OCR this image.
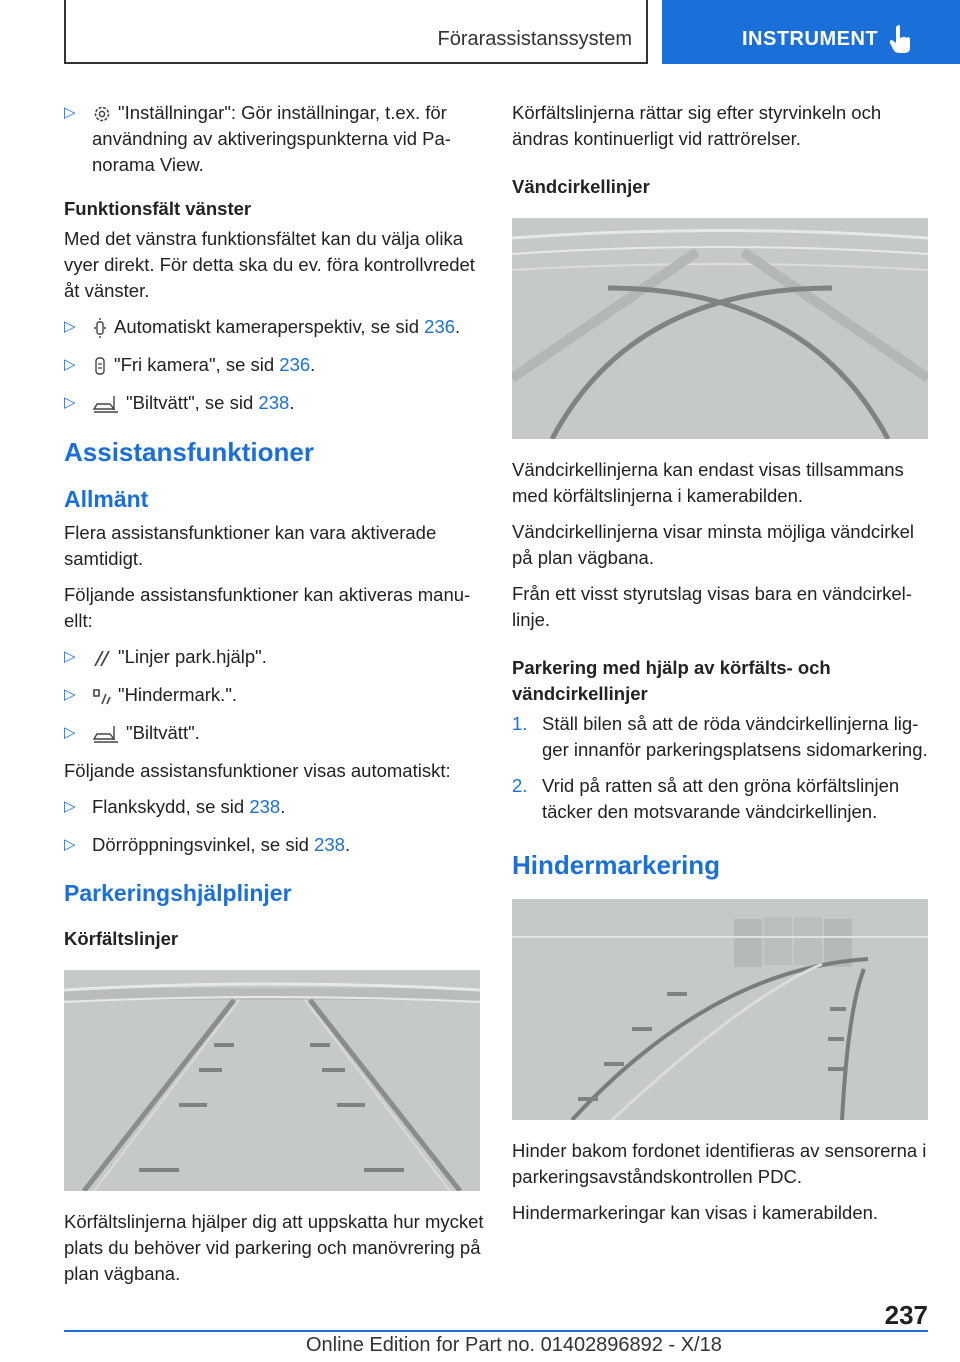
Förarassistanssystem	INSTRUMENT
▷	"Inställningar": Gör inställningar, t.ex. för användning av aktiveringspunkterna vid Panorama View.

Funktionsfält vänster

Med det vänstra funktionsfältet kan du välja olika vyer direkt. För detta ska du ev. föra kontrollvredet åt vänster.

▷	Automatiskt kameraperspektiv, se sid 236.
▷	"Fri kamera", se sid 236.
▷	"Biltvätt", se sid 238.
Assistansfunktioner
Allmänt

Flera assistansfunktioner kan vara aktiverade samtidigt.

Följande assistansfunktioner kan aktiveras manuellt:

▷	"Linjer park.hjälp".
▷	"Hindermark.".
▷	"Biltvätt".

Följande assistansfunktioner visas automatiskt:

▷ Flankskydd, se sid 238.
▷ Dörröppningsvinkel, se sid 238.
Parkeringshjälplinjer

Körfältslinjer

Körfältslinjerna hjälper dig att uppskatta hur mycket plats du behöver vid parkering och manövrering på plan vägbana.

Körfältslinjerna rättar sig efter styrvinkeln och ändras kontinuerligt vid rattrörelser.

Vändcirkellinjer

Vändcirkellinjerna kan endast visas tillsammans med körfältslinjerna i kamerabilden.

Vändcirkellinjerna visar minsta möjliga vändcirkel på plan vägbana.

Från ett visst styrutslag visas bara en vändcirkellinje.

Parkering med hjälp av körfälts- och vändcirkellinjer

1. Ställ bilen så att de röda vändcirkellinjerna ligger innanför parkeringsplatsens sidomarkering.
2. Vrid på ratten så att den gröna körfältslinjen täcker den motsvarande vändcirkellinjen.
Hindermarkering

Hinder bakom fordonet identifieras av sensorerna i parkeringsavståndskontrollen PDC.

Hindermarkeringar kan visas i kamerabilden.

237
Online Edition for Part no. 01402896892 - X/18
